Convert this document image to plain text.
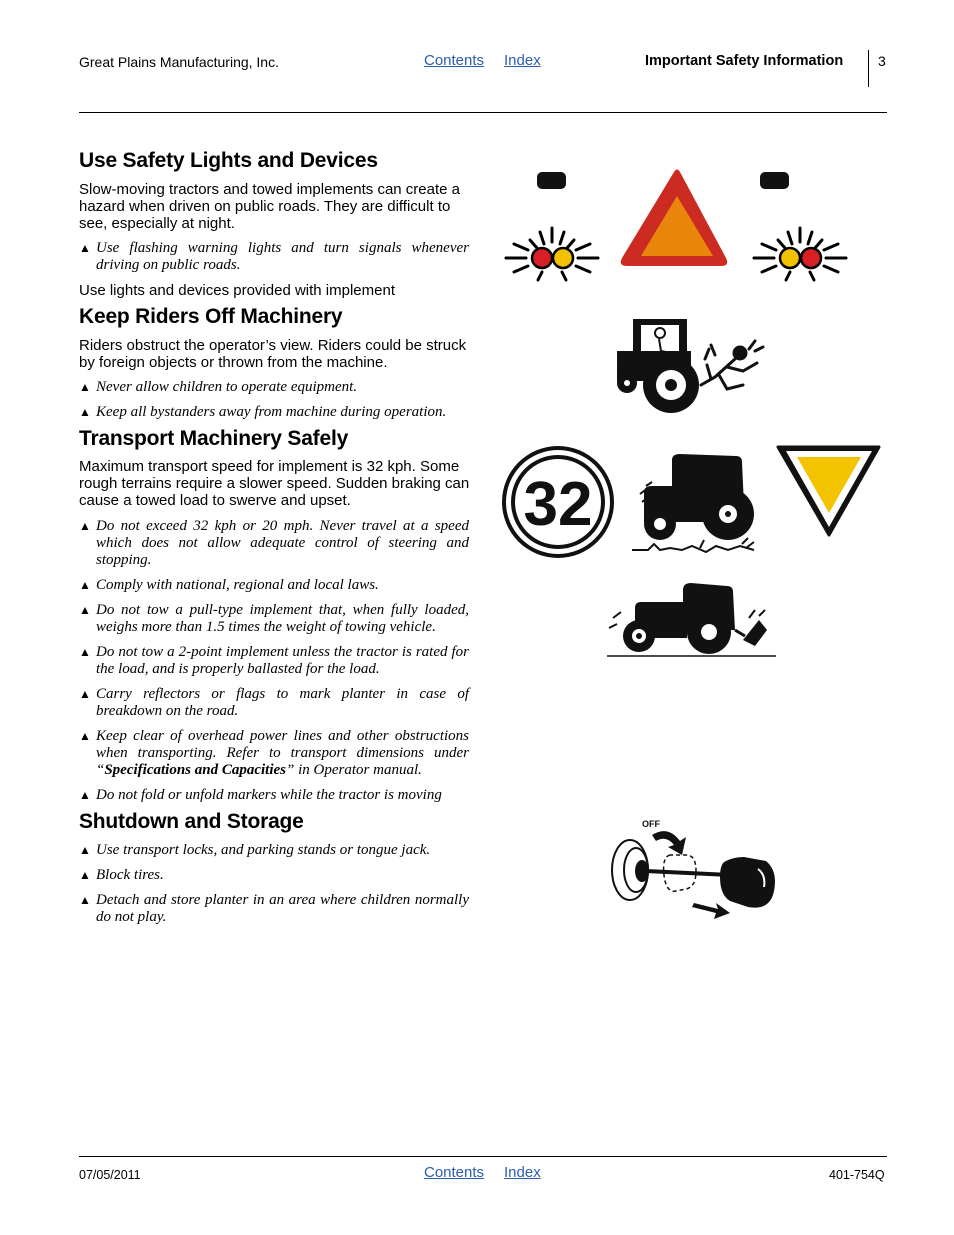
Great Plains Manufacturing, Inc.	Contents Index	Important Safety Information 3
Use Safety Lights and Devices

Slow-moving tractors and towed implements can create a hazard when driven on public roads. They are difficult to see, especially at night.

▲ Use flashing warning lights and turn signals whenever driving on public roads.

Use lights and devices provided with implement

Keep Riders Off Machinery

Riders obstruct the operator’s view. Riders could be struck by foreign objects or thrown from the machine.

▲ Never allow children to operate equipment.
▲ Keep all bystanders away from machine during operation.
Transport Machinery Safely

Maximum transport speed for implement is 32 kph. Some rough terrains require a slower speed. Sudden braking can cause a towed load to swerve and upset.

▲ Do not exceed 32 kph or 20 mph. Never travel at a speed which does not allow adequate control of steering and stopping.
▲ Comply with national, regional and local laws.
▲ Do not tow a pull-type implement that, when fully loaded, weighs more than 1.5 times the weight of towing vehicle.
▲ Do not tow a 2-point implement unless the tractor is rated for the load, and is properly ballasted for the load.
▲ Carry reflectors or flags to mark planter in case of breakdown on the road.
▲ Keep clear of overhead power lines and other obstructions when transporting. Refer to transport dimensions under “Specifications and Capacities” in Operator manual.
▲ Do not fold or unfold markers while the tractor is moving
Shutdown and Storage
▲ Use transport locks, and parking stands or tongue jack.
▲ Block tires.
▲ Detach and store planter in an area where children normally do not play.
32
OFF
07/05/2011	Contents Index	401-754Q
